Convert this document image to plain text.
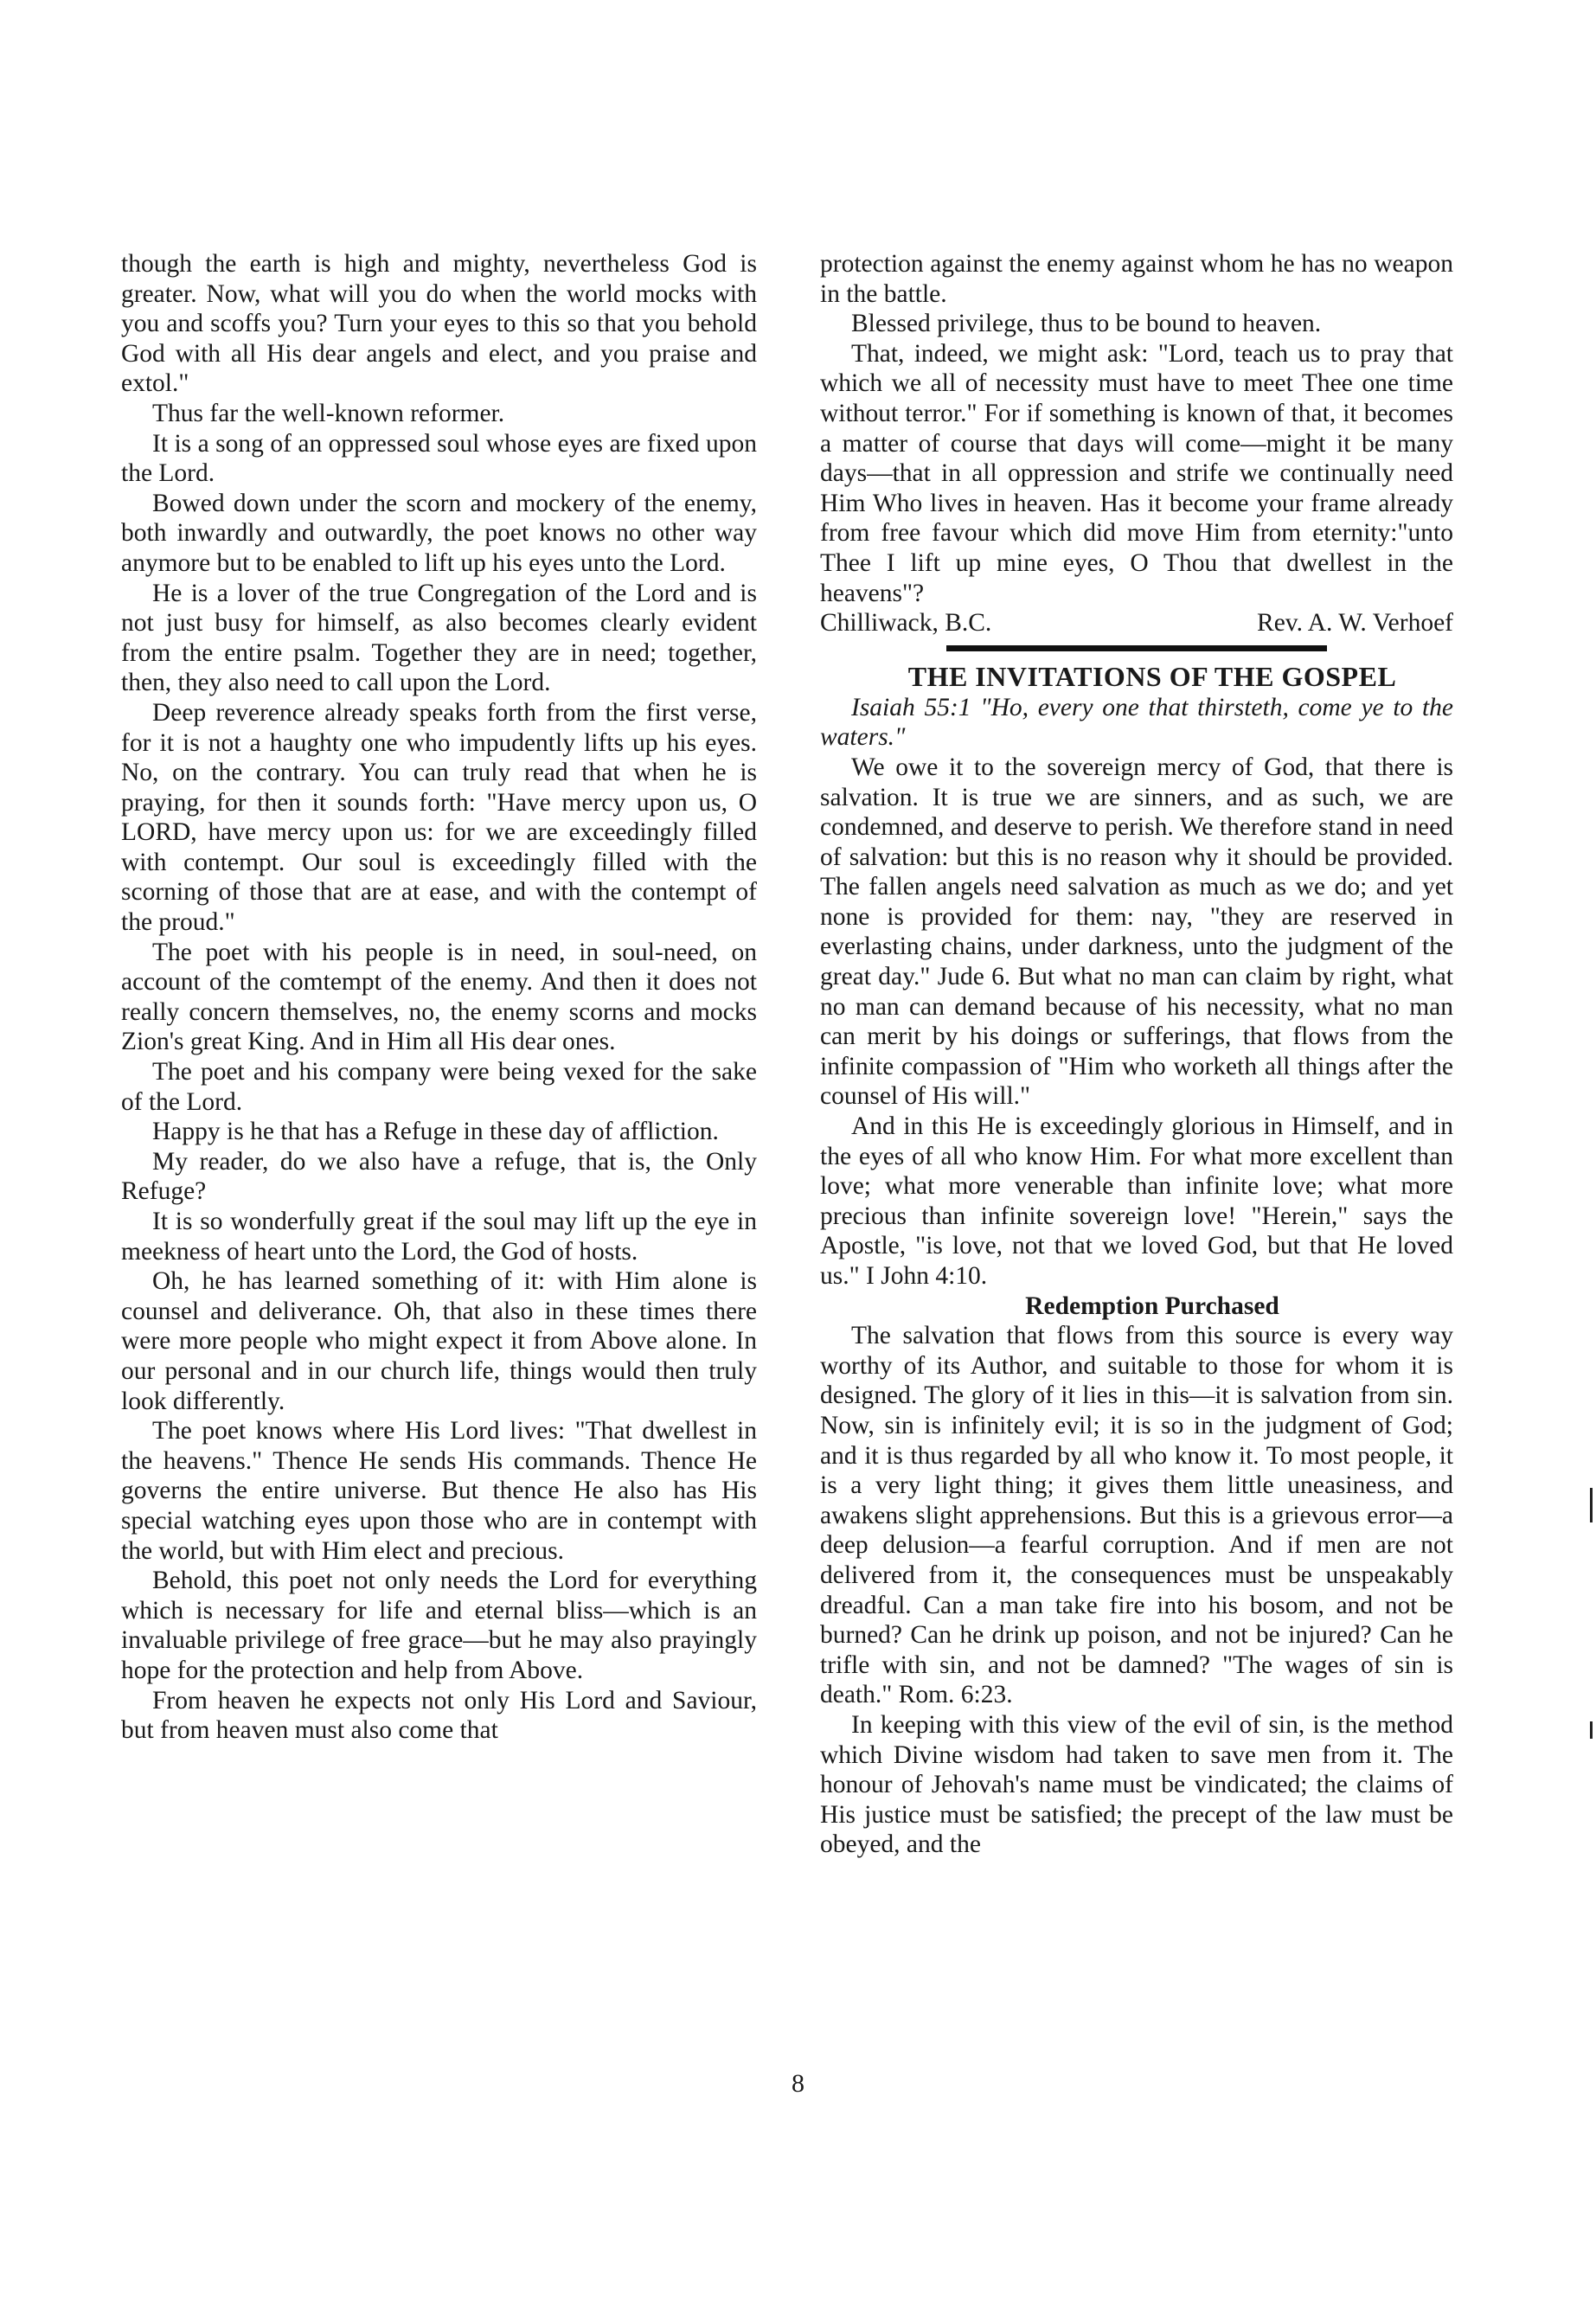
though the earth is high and mighty, nevertheless God is greater. Now, what will you do when the world mocks with you and scoffs you? Turn your eyes to this so that you behold God with all His dear angels and elect, and you praise and extol."

Thus far the well-known reformer.

It is a song of an oppressed soul whose eyes are fixed upon the Lord.

Bowed down under the scorn and mockery of the enemy, both inwardly and outwardly, the poet knows no other way anymore but to be enabled to lift up his eyes unto the Lord.

He is a lover of the true Congregation of the Lord and is not just busy for himself, as also becomes clearly evident from the entire psalm. Together they are in need; together, then, they also need to call upon the Lord.

Deep reverence already speaks forth from the first verse, for it is not a haughty one who impudently lifts up his eyes. No, on the contrary. You can truly read that when he is praying, for then it sounds forth: "Have mercy upon us, O LORD, have mercy upon us: for we are exceedingly filled with contempt. Our soul is exceedingly filled with the scorning of those that are at ease, and with the contempt of the proud."

The poet with his people is in need, in soul-need, on account of the comtempt of the enemy. And then it does not really concern themselves, no, the enemy scorns and mocks Zion's great King. And in Him all His dear ones.

The poet and his company were being vexed for the sake of the Lord.

Happy is he that has a Refuge in these day of affliction.

My reader, do we also have a refuge, that is, the Only Refuge?

It is so wonderfully great if the soul may lift up the eye in meekness of heart unto the Lord, the God of hosts.

Oh, he has learned something of it: with Him alone is counsel and deliverance. Oh, that also in these times there were more people who might expect it from Above alone. In our personal and in our church life, things would then truly look differently.

The poet knows where His Lord lives: "That dwellest in the heavens." Thence He sends His commands. Thence He governs the entire universe. But thence He also has His special watching eyes upon those who are in contempt with the world, but with Him elect and precious.

Behold, this poet not only needs the Lord for everything which is necessary for life and eternal bliss—which is an invaluable privilege of free grace—but he may also prayingly hope for the protection and help from Above.

From heaven he expects not only His Lord and Saviour, but from heaven must also come that

protection against the enemy against whom he has no weapon in the battle.

Blessed privilege, thus to be bound to heaven.

That, indeed, we might ask: "Lord, teach us to pray that which we all of necessity must have to meet Thee one time without terror." For if something is known of that, it becomes a matter of course that days will come—might it be many days—that in all oppression and strife we continually need Him Who lives in heaven. Has it become your frame already from free favour which did move Him from eternity:"unto Thee I lift up mine eyes, O Thou that dwellest in the heavens"?

Chilliwack, B.C.	Rev. A. W. Verhoef

THE INVITATIONS OF THE GOSPEL

Isaiah 55:1 "Ho, every one that thirsteth, come ye to the waters."

We owe it to the sovereign mercy of God, that there is salvation. It is true we are sinners, and as such, we are condemned, and deserve to perish. We therefore stand in need of salvation: but this is no reason why it should be provided. The fallen angels need salvation as much as we do; and yet none is provided for them: nay, "they are reserved in everlasting chains, under darkness, unto the judgment of the great day." Jude 6. But what no man can claim by right, what no man can demand because of his necessity, what no man can merit by his doings or sufferings, that flows from the infinite compassion of "Him who worketh all things after the counsel of His will."

And in this He is exceedingly glorious in Himself, and in the eyes of all who know Him. For what more excellent than love; what more venerable than infinite love; what more precious than infinite sovereign love! "Herein," says the Apostle, "is love, not that we loved God, but that He loved us." I John 4:10.

Redemption Purchased

The salvation that flows from this source is every way worthy of its Author, and suitable to those for whom it is designed. The glory of it lies in this—it is salvation from sin. Now, sin is infinitely evil; it is so in the judgment of God; and it is thus regarded by all who know it. To most people, it is a very light thing; it gives them little uneasiness, and awakens slight apprehensions. But this is a grievous error—a deep delusion—a fearful corruption. And if men are not delivered from it, the consequences must be unspeakably dreadful. Can a man take fire into his bosom, and not be burned? Can he drink up poison, and not be injured? Can he trifle with sin, and not be damned? "The wages of sin is death." Rom. 6:23.

In keeping with this view of the evil of sin, is the method which Divine wisdom had taken to save men from it. The honour of Jehovah's name must be vindicated; the claims of His justice must be satisfied; the precept of the law must be obeyed, and the

8
